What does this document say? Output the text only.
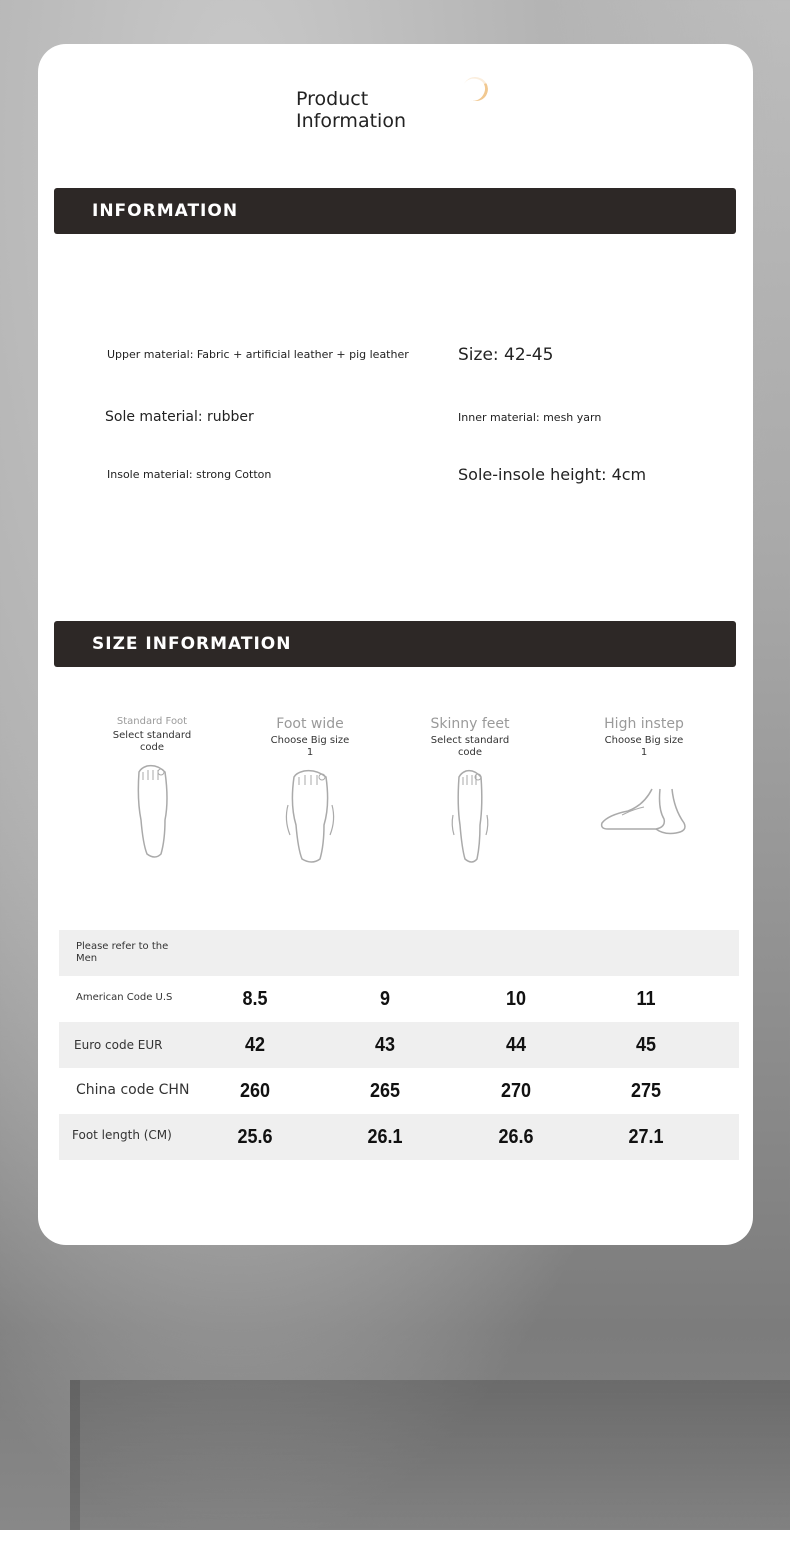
Product
Information
INFORMATION
Upper material: Fabric + artificial leather + pig leather	Size: 42-45
Sole material: rubber	Inner material: mesh yarn
Insole material: strong Cotton	Sole-insole height: 4cm
SIZE INFORMATION
Standard Foot
Select standard code
Foot wide
Choose Big size 1
Skinny feet
Select standard code
High instep
Choose Big size 1
Please refer to the Men
American Code U.S	8.5	9	10	11
Euro code EUR	42	43	44	45
China code CHN	260	265	270	275
Foot length (CM)	25.6	26.1	26.6	27.1
